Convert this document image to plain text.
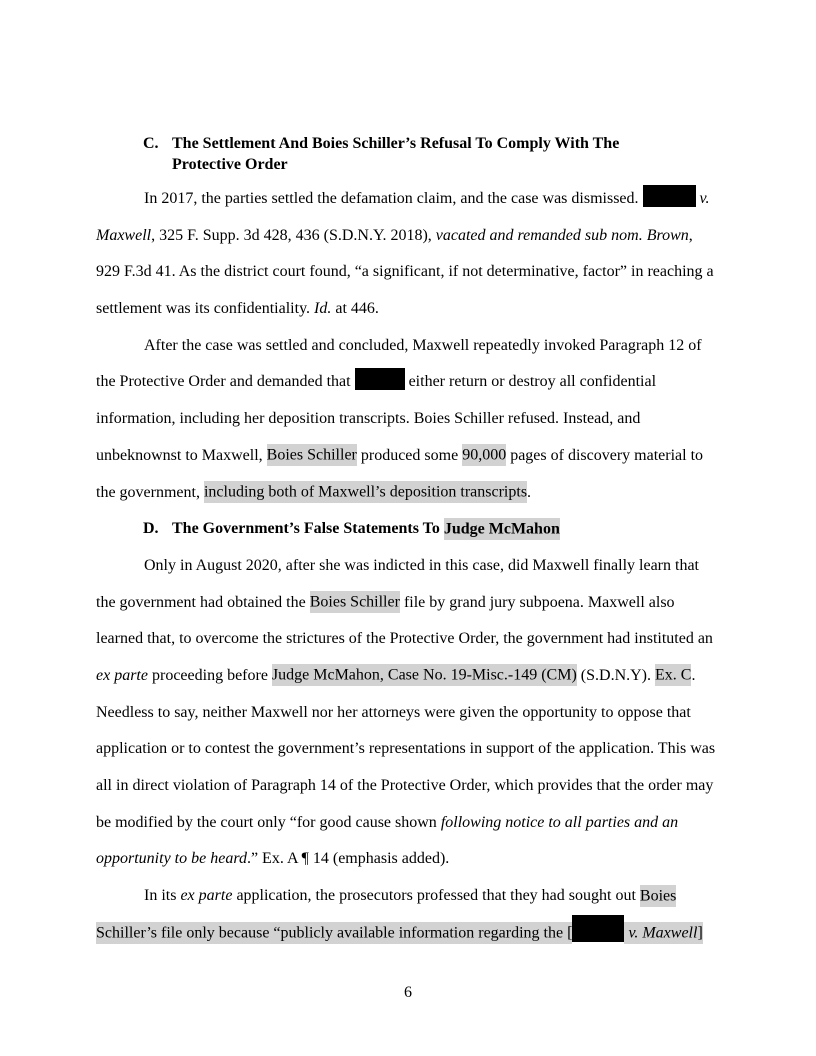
C. The Settlement And Boies Schiller’s Refusal To Comply With The
Protective Order
In 2017, the parties settled the defamation claim, and the case was dismissed.	v.
Maxwell, 325 F. Supp. 3d 428, 436 (S.D.N.Y. 2018), vacated and remanded sub nom. Brown,
929 F.3d 41. As the district court found, “a significant, if not determinative, factor” in reaching a
settlement was its confidentiality. Id. at 446.
After the case was settled and concluded, Maxwell repeatedly invoked Paragraph 12 of
the Protective Order and demanded that	either return or destroy all confidential
information, including her deposition transcripts. Boies Schiller refused. Instead, and
unbeknownst to Maxwell, Boies Schiller produced some 90,000 pages of discovery material to
the government, including both of Maxwell’s deposition transcripts.
D. The Government’s False Statements To Judge McMahon
Only in August 2020, after she was indicted in this case, did Maxwell finally learn that
the government had obtained the Boies Schiller file by grand jury subpoena. Maxwell also
learned that, to overcome the strictures of the Protective Order, the government had instituted an
ex parte proceeding before Judge McMahon, Case No. 19-Misc.-149 (CM) (S.D.N.Y). Ex. C.
Needless to say, neither Maxwell nor her attorneys were given the opportunity to oppose that
application or to contest the government’s representations in support of the application. This was
all in direct violation of Paragraph 14 of the Protective Order, which provides that the order may
be modified by the court only “for good cause shown following notice to all parties and an
opportunity to be heard.” Ex. A ¶ 14 (emphasis added).
In its ex parte application, the prosecutors professed that they had sought out Boies
Schiller’s file only because “publicly available information regarding the [	v. Maxwell]
6
